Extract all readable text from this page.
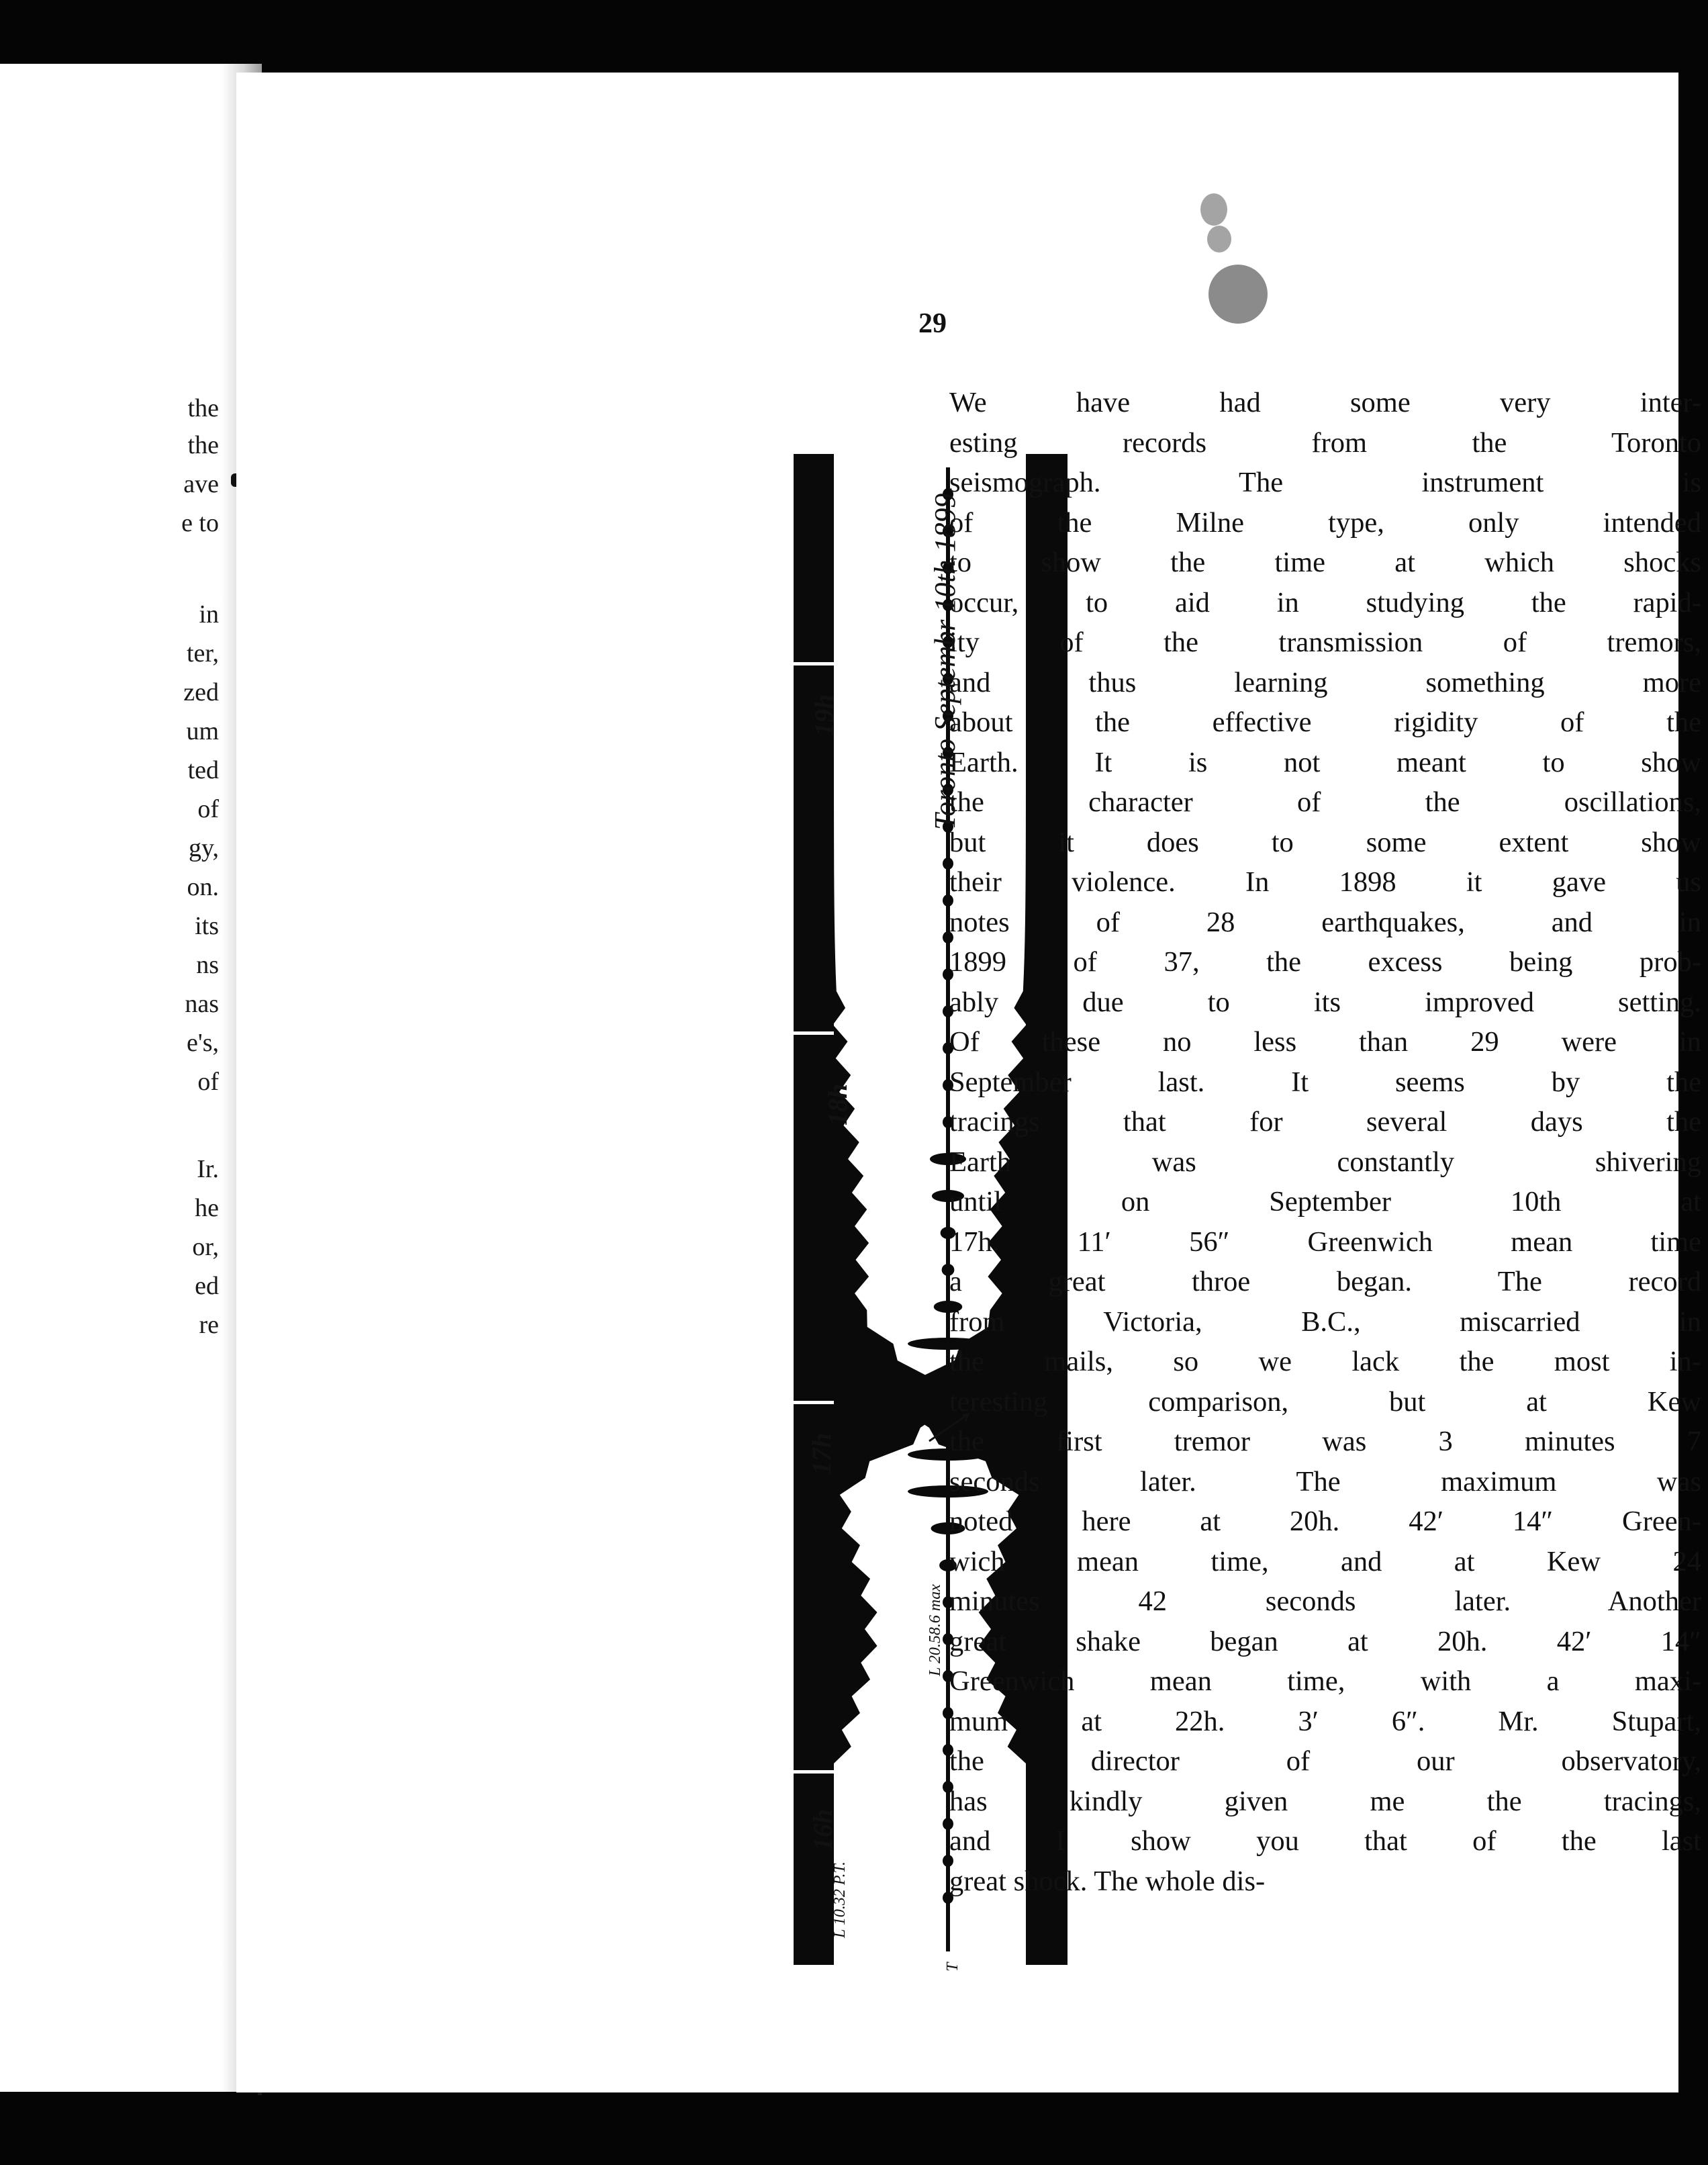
the

the

ave

e to

in

ter,

zed

um

ted

of

gy,

on.

its

ns

nas

e's,

of

Ir.

he

or,

ed

re

29

Toronto Septembr 10th 1899

19h

18h

17h

16h

L 20.58.6 max

L 10.32 P.T.

T

We have had some very inter-
esting records from the Toronto
seismograph. The instrument is
of the Milne type, only intended
to show the time at which shocks
occur, to aid in studying the rapid-
ity of the transmission of tremors,
and thus learning something more
about the effective rigidity of the
Earth. It is not meant to show
the character of the oscillations,
but it does to some extent show
their violence. In 1898 it gave us
notes of 28 earthquakes, and in
1899 of 37, the excess being prob-
ably due to its improved setting.
Of these no less than 29 were in
September last. It seems by the
tracings that for several days the
Earth was constantly shivering
until on September 10th at
17h. 11′ 56″ Greenwich mean time
a great throe began. The record
from Victoria, B.C., miscarried in
the mails, so we lack the most in-
teresting comparison, but at Kew
the first tremor was 3 minutes 7
seconds later. The maximum was
noted here at 20h. 42′ 14″ Green-
wich mean time, and at Kew 24
minutes 42 seconds later. Another
great shake began at 20h. 42′ 14″
Greenwich mean time, with a maxi-
mum at 22h. 3′ 6″. Mr. Stupart,
the director of our observatory,
has kindly given me the tracings,
and I show you that of the last
great shock. The whole dis-
